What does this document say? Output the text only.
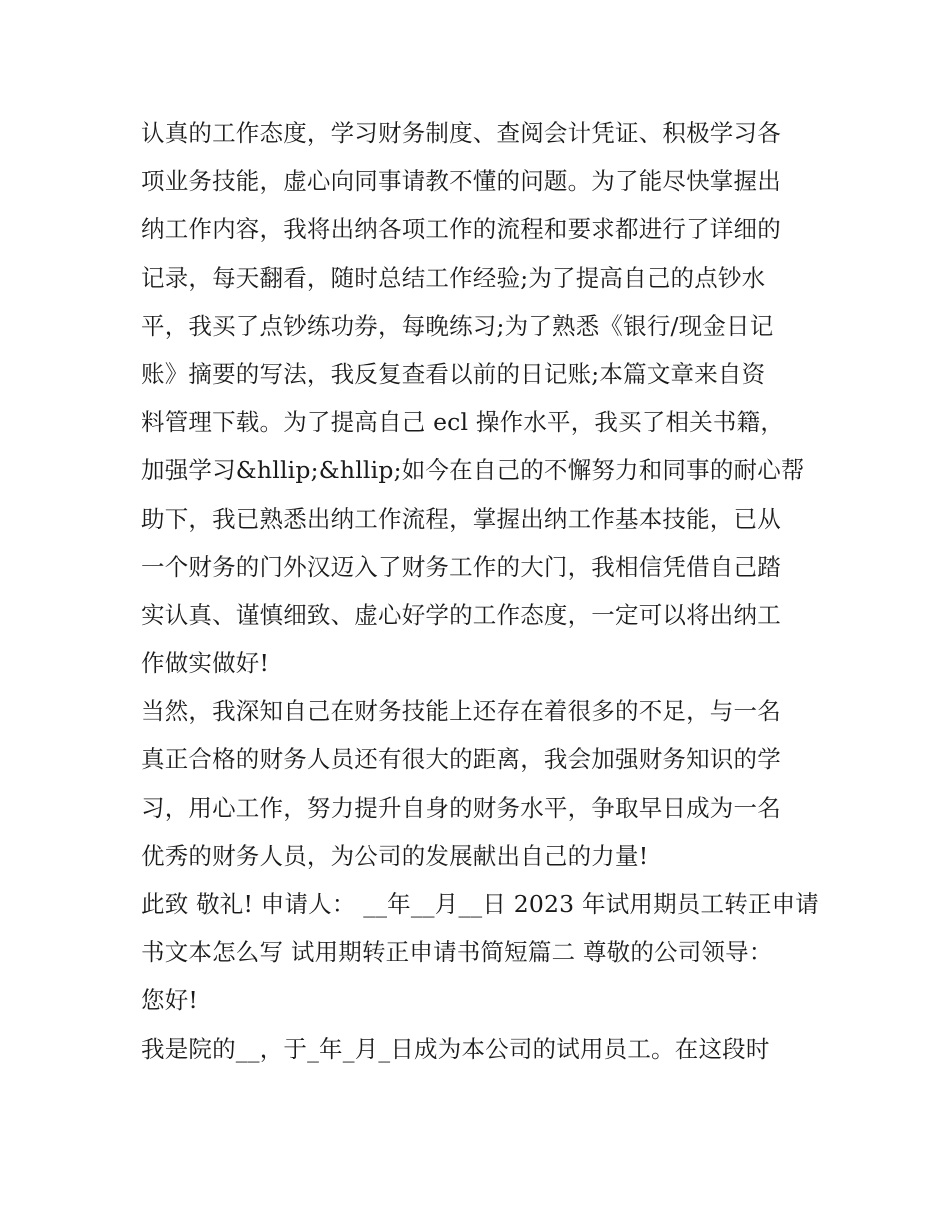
认真的工作态度，学习财务制度、查阅会计凭证、积极学习各
项业务技能，虚心向同事请教不懂的问题。为了能尽快掌握出
纳工作内容，我将出纳各项工作的流程和要求都进行了详细的
记录，每天翻看，随时总结工作经验;为了提高自己的点钞水
平，我买了点钞练功券，每晚练习;为了熟悉《银行/现金日记
账》摘要的写法，我反复查看以前的日记账;本篇文章来自资
料管理下载。为了提高自己 ecl 操作水平，我买了相关书籍，
加强学习&hllip;&hllip;如今在自己的不懈努力和同事的耐心帮
助下，我已熟悉出纳工作流程，掌握出纳工作基本技能，已从
一个财务的门外汉迈入了财务工作的大门，我相信凭借自己踏
实认真、谨慎细致、虚心好学的工作态度，一定可以将出纳工
作做实做好!
当然，我深知自己在财务技能上还存在着很多的不足，与一名
真正合格的财务人员还有很大的距离，我会加强财务知识的学
习，用心工作，努力提升自身的财务水平，争取早日成为一名
优秀的财务人员，为公司的发展献出自己的力量!
此致 敬礼! 申请人： __年__月__日 2023 年试用期员工转正申请
书文本怎么写 试用期转正申请书简短篇二 尊敬的公司领导：
您好!
我是院的__，于_年_月_日成为本公司的试用员工。在这段时
